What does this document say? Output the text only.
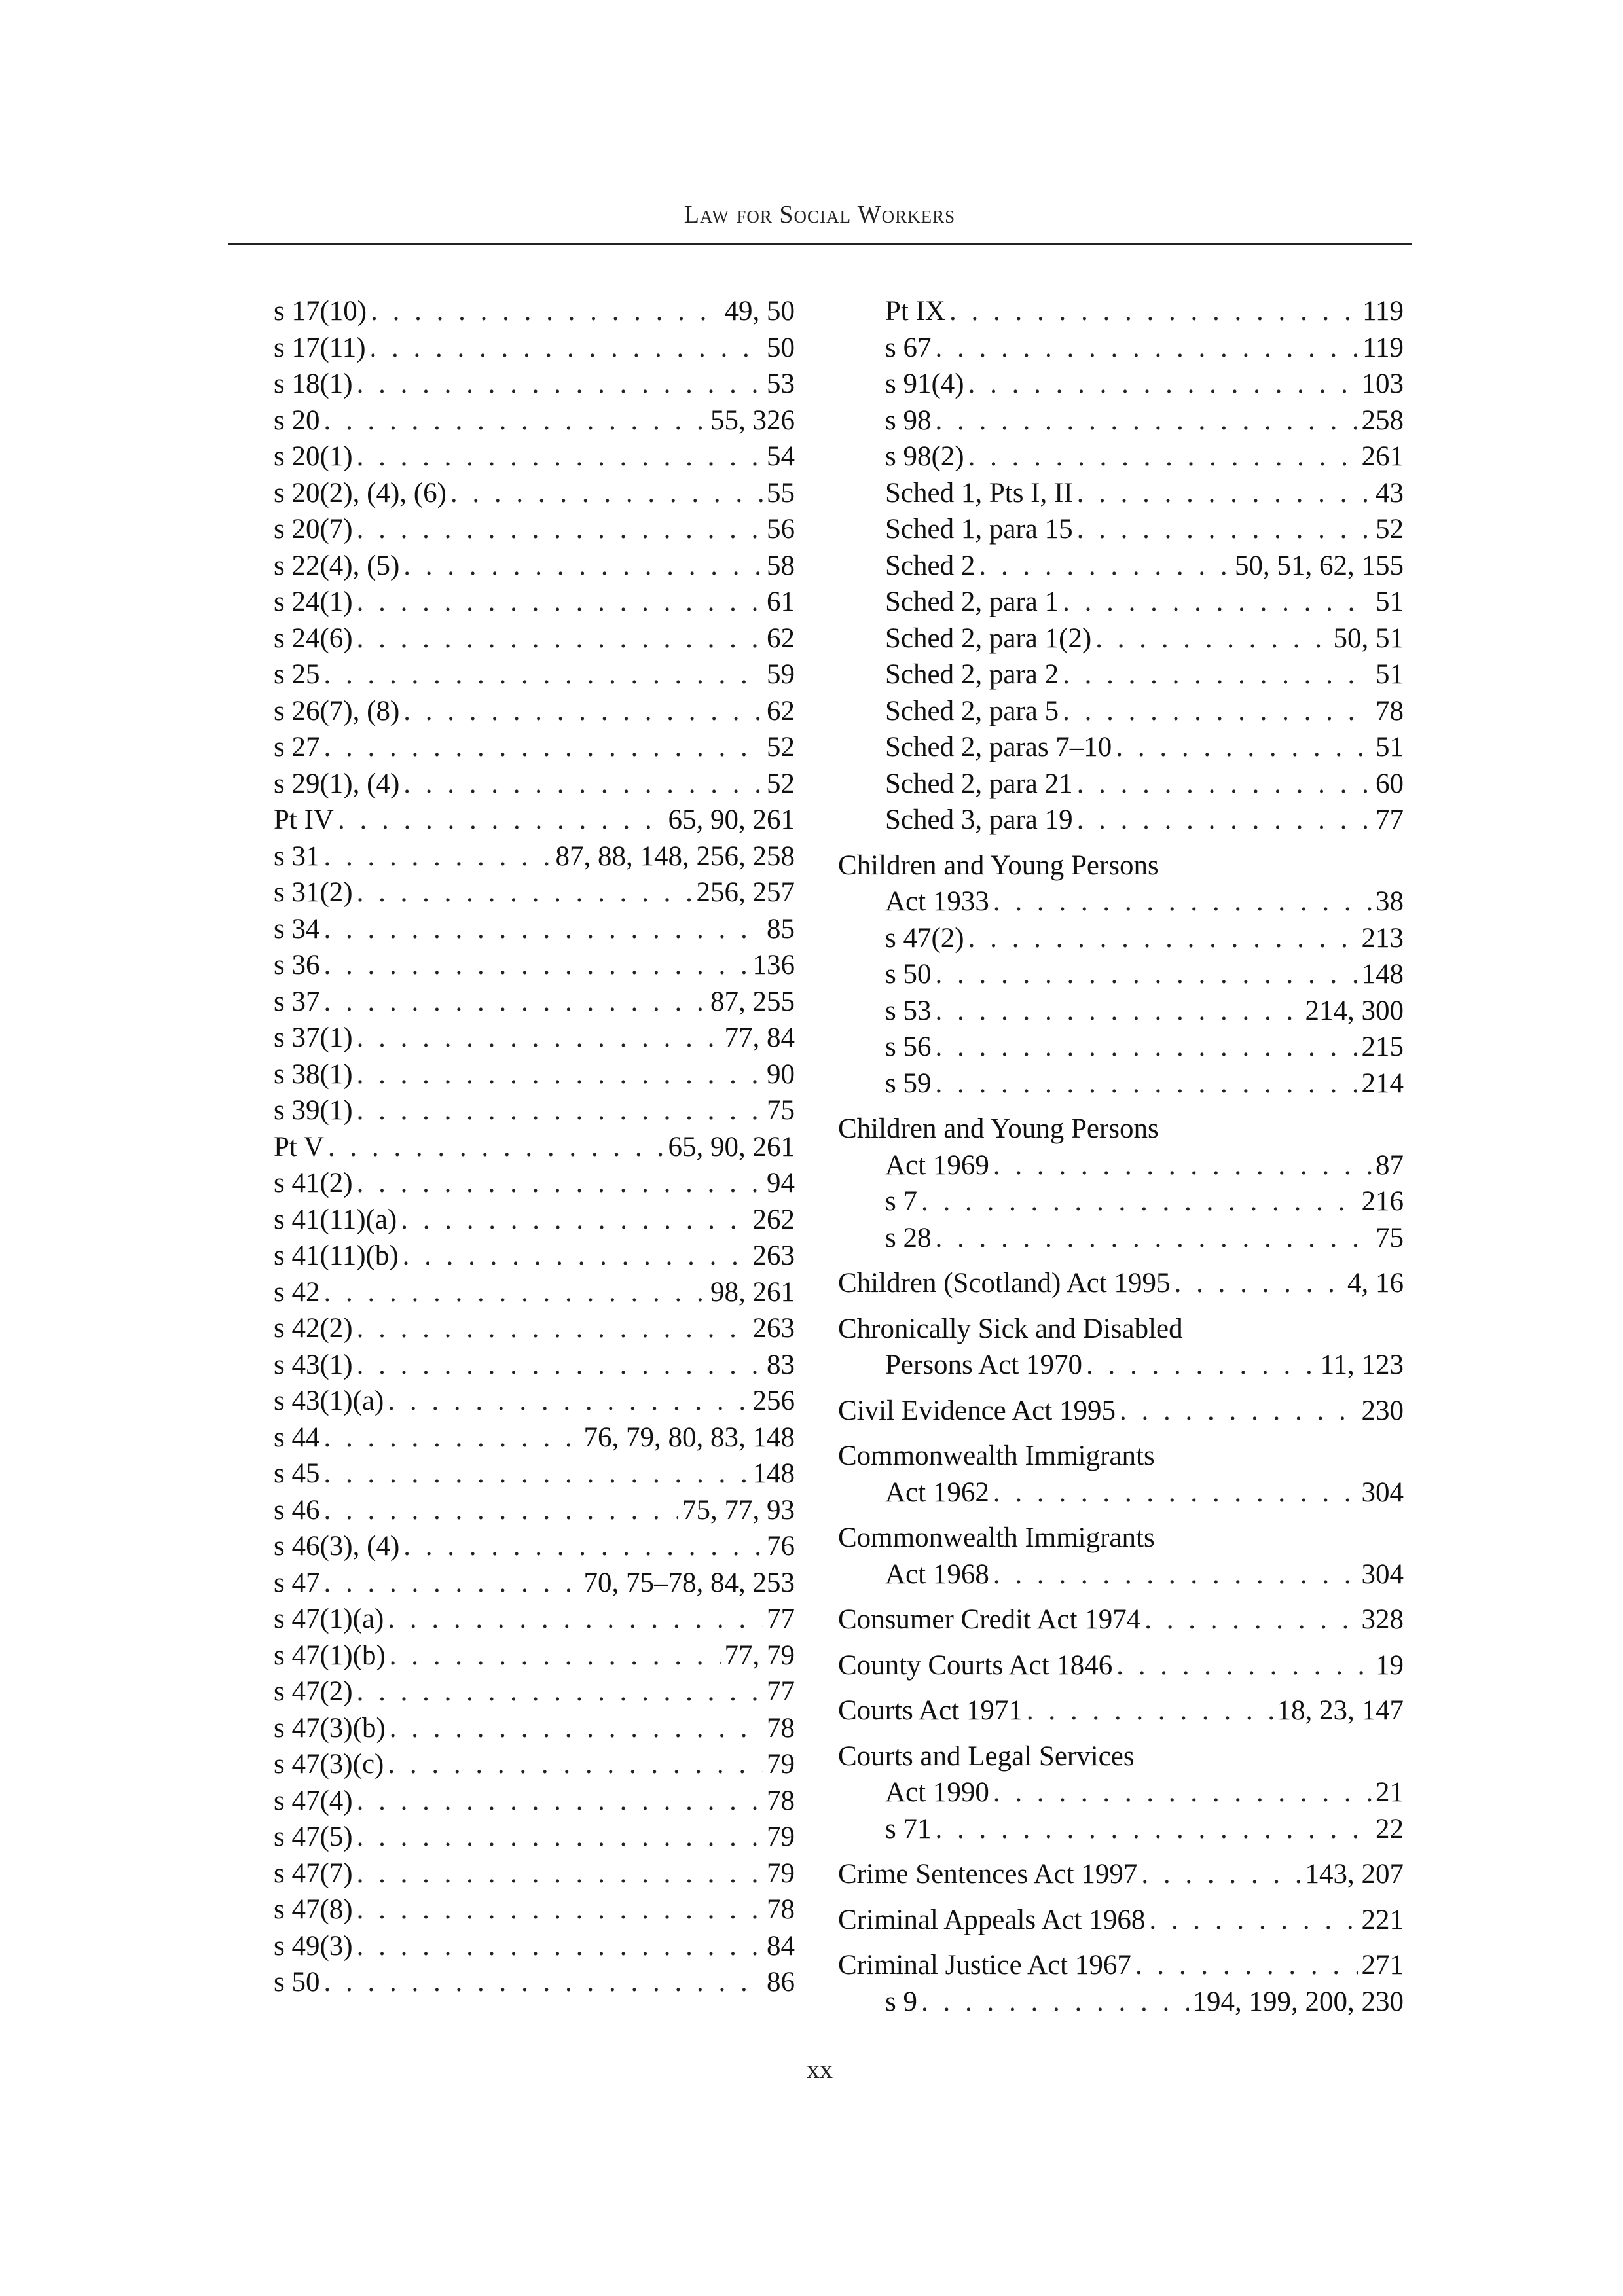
Law for Social Workers
s 17(10) . . .	49, 50
s 17(11) . . .	50
s 18(1) . . .	53
s 20 . . .	55, 326
s 20(1) . . .	54
s 20(2), (4), (6) . . .	55
s 20(7) . . .	56
s 22(4), (5) . . .	58
s 24(1) . . .	61
s 24(6) . . .	62
s 25 . . .	59
s 26(7), (8) . . .	62
s 27 . . .	52
s 29(1), (4) . . .	52
Pt IV . . .	65, 90, 261
s 31 . . .	87, 88, 148, 256, 258
s 31(2) . . .	256, 257
s 34 . . .	85
s 36 . . .	136
s 37 . . .	87, 255
s 37(1) . . .	77, 84
s 38(1) . . .	90
s 39(1) . . .	75
Pt V . . .	65, 90, 261
s 41(2) . . .	94
s 41(11)(a) . . .	262
s 41(11)(b) . . .	263
s 42 . . .	98, 261
s 42(2) . . .	263
s 43(1) . . .	83
s 43(1)(a) . . .	256
s 44 . . .	76, 79, 80, 83, 148
s 45 . . .	148
s 46 . . .	75, 77, 93
s 46(3), (4) . . .	76
s 47 . . .	70, 75–78, 84, 253
s 47(1)(a) . . .	77
s 47(1)(b) . . .	77, 79
s 47(2) . . .	77
s 47(3)(b) . . .	78
s 47(3)(c) . . .	79
s 47(4) . . .	78
s 47(5) . . .	79
s 47(7) . . .	79
s 47(8) . . .	78
s 49(3) . . .	84
s 50 . . .	86
Pt IX . . .	119
s 67 . . .	119
s 91(4) . . .	103
s 98 . . .	258
s 98(2) . . .	261
Sched 1, Pts I, II . . .	43
Sched 1, para 15 . . .	52
Sched 2 . . .	50, 51, 62, 155
Sched 2, para 1 . . .	51
Sched 2, para 1(2) . . .	50, 51
Sched 2, para 2 . . .	51
Sched 2, para 5 . . .	78
Sched 2, paras 7–10 . . .	51
Sched 2, para 21 . . .	60
Sched 3, para 19 . . .	77
Children and Young Persons
Act 1933 . . .	38
s 47(2) . . .	213
s 50 . . .	148
s 53 . . .	214, 300
s 56 . . .	215
s 59 . . .	214
Children and Young Persons
Act 1969 . . .	87
s 7 . . .	216
s 28 . . .	75
Children (Scotland) Act 1995 . . .	4, 16
Chronically Sick and Disabled
Persons Act 1970 . . .	11, 123
Civil Evidence Act 1995 . . .	230
Commonwealth Immigrants
Act 1962 . . .	304
Commonwealth Immigrants
Act 1968 . . .	304
Consumer Credit Act 1974 . . .	328
County Courts Act 1846 . . .	19
Courts Act 1971 . . .	18, 23, 147
Courts and Legal Services
Act 1990 . . .	21
s 71 . . .	22
Crime Sentences Act 1997 . . .	143, 207
Criminal Appeals Act 1968 . . .	221
Criminal Justice Act 1967 . . .	271
s 9 . . .	194, 199, 200, 230
xx
